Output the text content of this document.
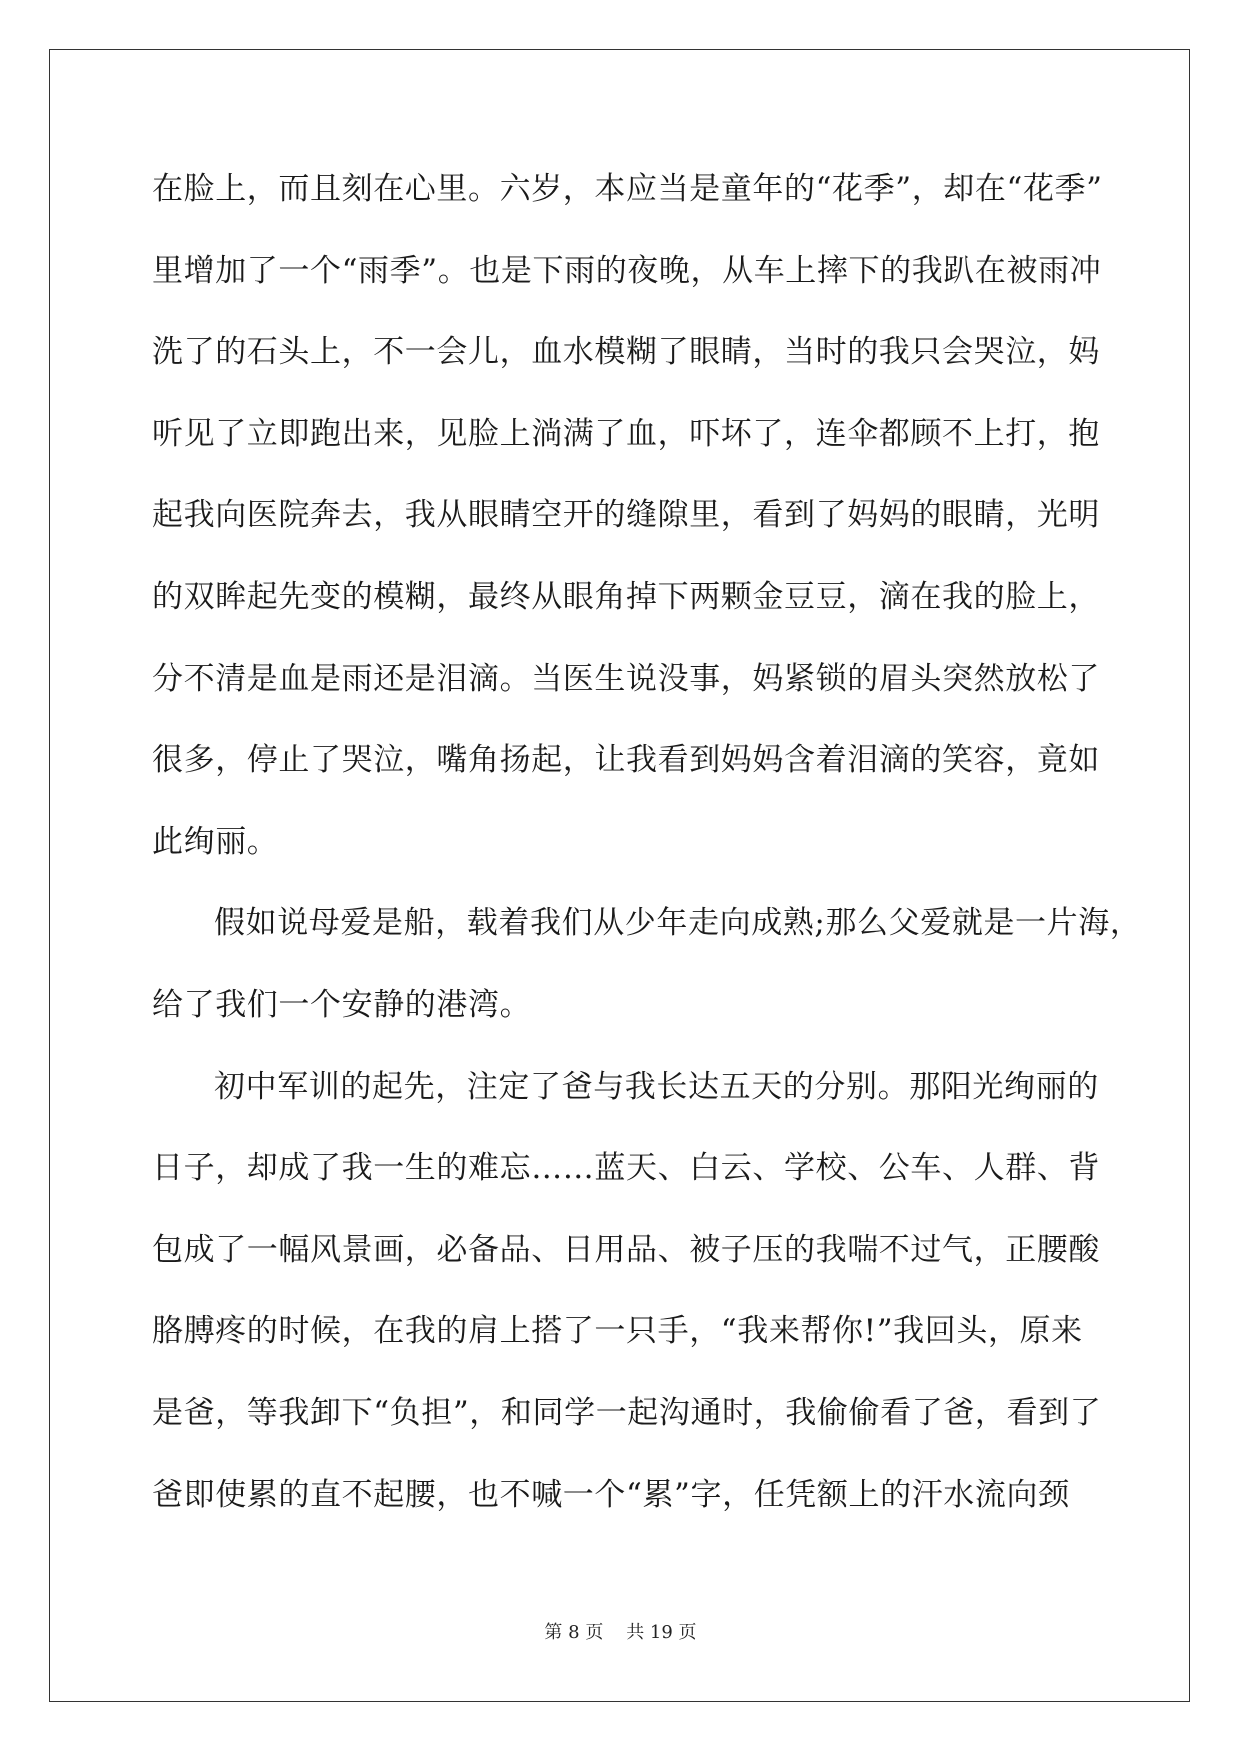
在脸上，而且刻在心里。六岁，本应当是童年的“花季”，却在“花季”
里增加了一个“雨季”。也是下雨的夜晚，从车上摔下的我趴在被雨冲
洗了的石头上，不一会儿，血水模糊了眼睛，当时的我只会哭泣，妈
听见了立即跑出来，见脸上淌满了血，吓坏了，连伞都顾不上打，抱
起我向医院奔去，我从眼睛空开的缝隙里，看到了妈妈的眼睛，光明
的双眸起先变的模糊，最终从眼角掉下两颗金豆豆，滴在我的脸上，
分不清是血是雨还是泪滴。当医生说没事，妈紧锁的眉头突然放松了
很多，停止了哭泣，嘴角扬起，让我看到妈妈含着泪滴的笑容，竟如
此绚丽。
假如说母爱是船，载着我们从少年走向成熟;那么父爱就是一片海，
给了我们一个安静的港湾。
初中军训的起先，注定了爸与我长达五天的分别。那阳光绚丽的
日子，却成了我一生的难忘……蓝天、白云、学校、公车、人群、背
包成了一幅风景画，必备品、日用品、被子压的我喘不过气，正腰酸
胳膊疼的时候，在我的肩上搭了一只手，“我来帮你!”我回头，原来
是爸，等我卸下“负担”，和同学一起沟通时，我偷偷看了爸，看到了
爸即使累的直不起腰，也不喊一个“累”字，任凭额上的汗水流向颈
第 8 页    共 19 页
